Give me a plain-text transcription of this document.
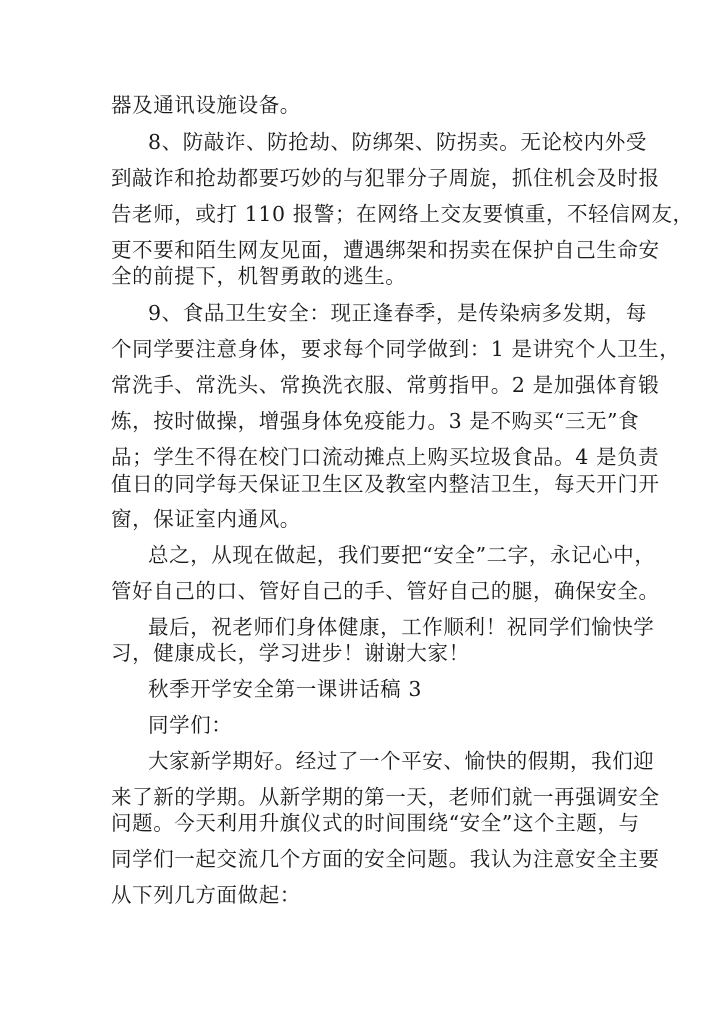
器及通讯设施设备。
8、防敲诈、防抢劫、防绑架、防拐卖。无论校内外受
到敲诈和抢劫都要巧妙的与犯罪分子周旋，抓住机会及时报
告老师，或打 110 报警；在网络上交友要慎重，不轻信网友，
更不要和陌生网友见面，遭遇绑架和拐卖在保护自己生命安
全的前提下，机智勇敢的逃生。
9、食品卫生安全：现正逢春季，是传染病多发期，每
个同学要注意身体，要求每个同学做到：1 是讲究个人卫生，
常洗手、常洗头、常换洗衣服、常剪指甲。2 是加强体育锻
炼，按时做操，增强身体免疫能力。3 是不购买“三无”食
品；学生不得在校门口流动摊点上购买垃圾食品。4 是负责
值日的同学每天保证卫生区及教室内整洁卫生，每天开门开
窗，保证室内通风。
总之，从现在做起，我们要把“安全”二字，永记心中，
管好自己的口、管好自己的手、管好自己的腿，确保安全。
最后，祝老师们身体健康，工作顺利！祝同学们愉快学
习，健康成长，学习进步！谢谢大家！
秋季开学安全第一课讲话稿 3
同学们：
大家新学期好。经过了一个平安、愉快的假期，我们迎
来了新的学期。从新学期的第一天，老师们就一再强调安全
问题。今天利用升旗仪式的时间围绕“安全”这个主题，与
同学们一起交流几个方面的安全问题。我认为注意安全主要
从下列几方面做起：
